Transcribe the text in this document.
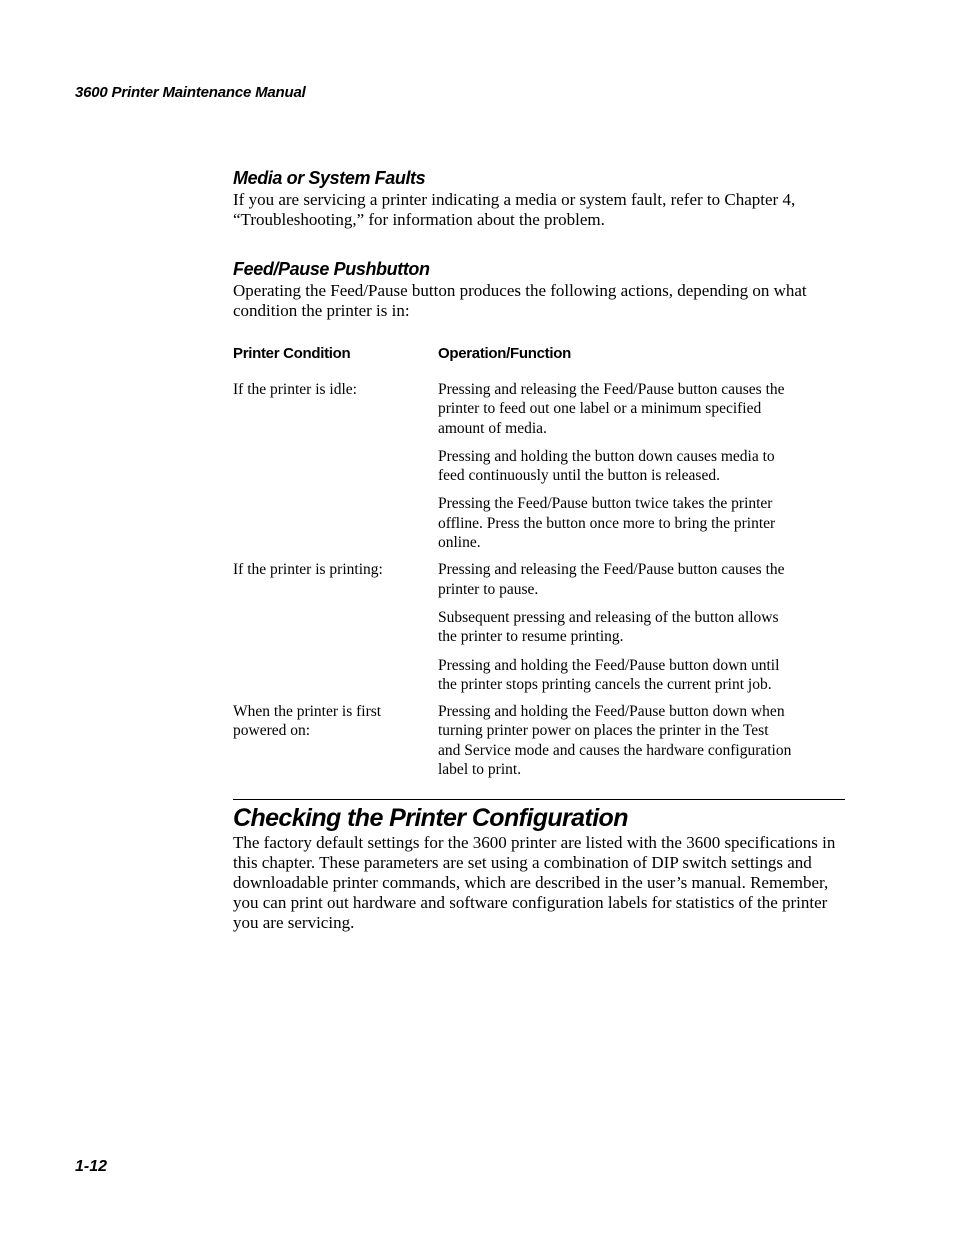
3600 Printer Maintenance Manual
Media or System Faults

If you are servicing a printer indicating a media or system fault, refer to Chapter 4, “Troubleshooting,” for information about the problem.

Feed/Pause Pushbutton

Operating the Feed/Pause button produces the following actions, depending on what condition the printer is in:

Printer Condition	Operation/Function
If the printer is idle:	Pressing and releasing the Feed/Pause button causes the printer to feed out one label or a minimum specified amount of media.

Pressing and holding the button down causes media to feed continuously until the button is released.

Pressing the Feed/Pause button twice takes the printer offline. Press the button once more to bring the printer online.

If the printer is printing:	Pressing and releasing the Feed/Pause button causes the printer to pause.

Subsequent pressing and releasing of the button allows the printer to resume printing.

Pressing and holding the Feed/Pause button down until the printer stops printing cancels the current print job.

When the printer is first powered on:	Pressing and holding the Feed/Pause button down when turning printer power on places the printer in the Test and Service mode and causes the hardware configuration label to print.

Checking the Printer Configuration

The factory default settings for the 3600 printer are listed with the 3600 specifications in this chapter. These parameters are set using a combination of DIP switch settings and downloadable printer commands, which are described in the user’s manual. Remember, you can print out hardware and software configuration labels for statistics of the printer you are servicing.

1-12
